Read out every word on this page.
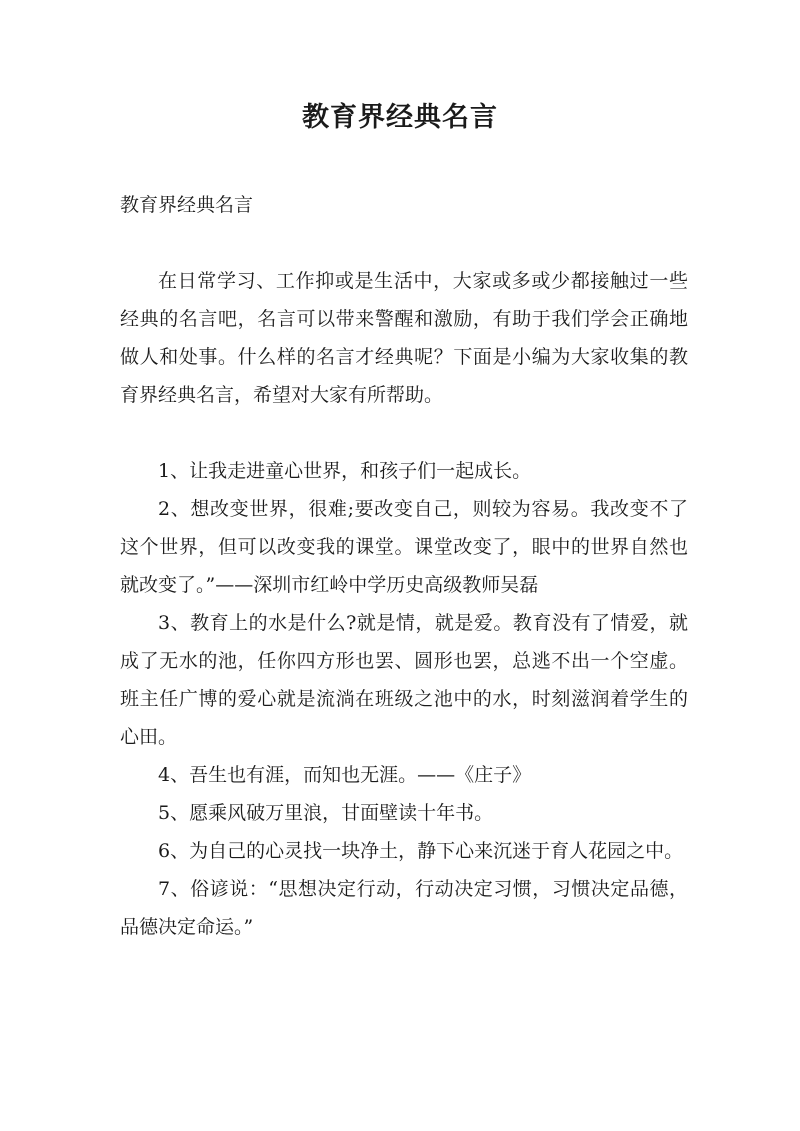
教育界经典名言

教育界经典名言

在日常学习、工作抑或是生活中，大家或多或少都接触过一些经典的名言吧，名言可以带来警醒和激励，有助于我们学会正确地做人和处事。什么样的名言才经典呢？下面是小编为大家收集的教育界经典名言，希望对大家有所帮助。

1、让我走进童心世界，和孩子们一起成长。

2、想改变世界，很难;要改变自己，则较为容易。我改变不了这个世界，但可以改变我的课堂。课堂改变了，眼中的世界自然也就改变了。”——深圳市红岭中学历史高级教师吴磊

3、教育上的水是什么?就是情，就是爱。教育没有了情爱，就成了无水的池，任你四方形也罢、圆形也罢，总逃不出一个空虚。班主任广博的爱心就是流淌在班级之池中的水，时刻滋润着学生的心田。

4、吾生也有涯，而知也无涯。——《庄子》

5、愿乘风破万里浪，甘面壁读十年书。

6、为自己的心灵找一块净土，静下心来沉迷于育人花园之中。

7、俗谚说：“思想决定行动，行动决定习惯，习惯决定品德，品德决定命运。”
